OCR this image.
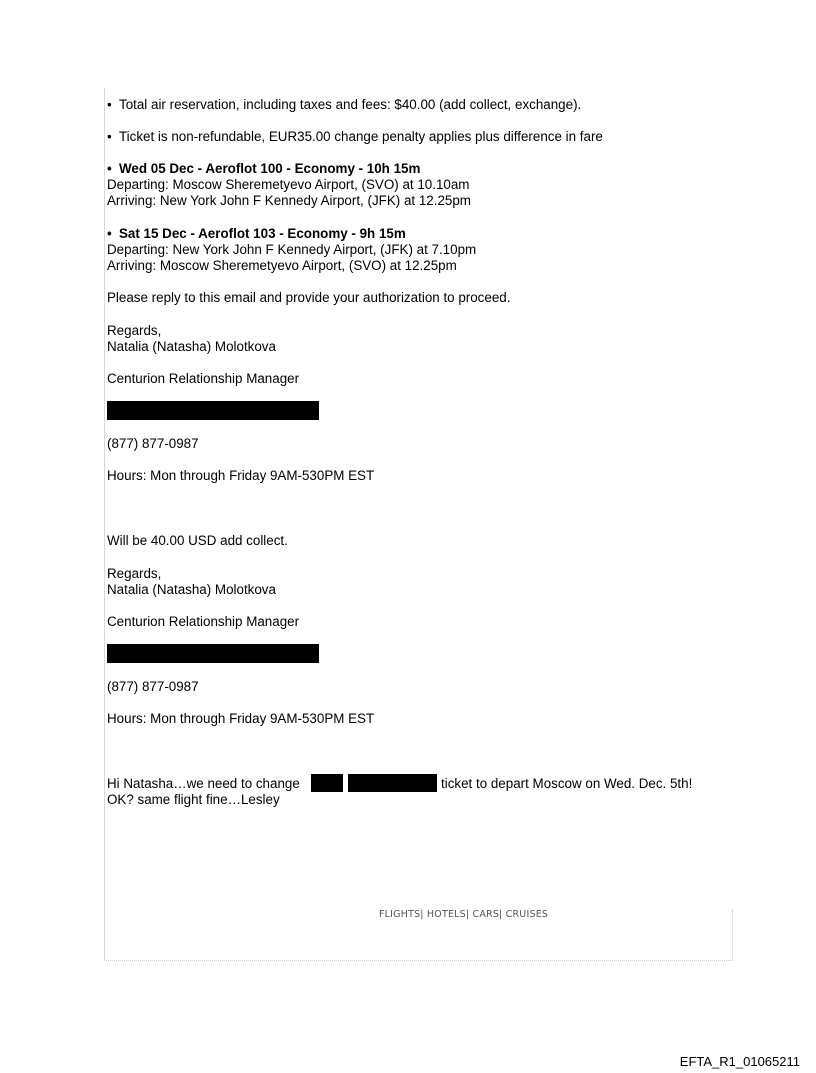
• Total air reservation, including taxes and fees: $40.00 (add collect, exchange).
• Ticket is non-refundable, EUR35.00 change penalty applies plus difference in fare
• Wed 05 Dec - Aeroflot 100 - Economy - 10h 15m
Departing: Moscow Sheremetyevo Airport, (SVO) at 10.10am
Arriving: New York John F Kennedy Airport, (JFK) at 12.25pm
• Sat 15 Dec - Aeroflot 103 - Economy - 9h 15m
Departing: New York John F Kennedy Airport, (JFK) at 7.10pm
Arriving: Moscow Sheremetyevo Airport, (SVO) at 12.25pm
Please reply to this email and provide your authorization to proceed.
Regards,
Natalia (Natasha) Molotkova
Centurion Relationship Manager
(877) 877-0987
Hours: Mon through Friday 9AM-530PM EST
Will be 40.00 USD add collect.
Regards,
Natalia (Natasha) Molotkova
Centurion Relationship Manager
(877) 877-0987
Hours: Mon through Friday 9AM-530PM EST
Hi Natasha…we need to change	ticket to depart Moscow on Wed. Dec. 5th!
OK? same flight fine…Lesley
FLIGHTS| HOTELS| CARS| CRUISES
EFTA_R1_01065211
